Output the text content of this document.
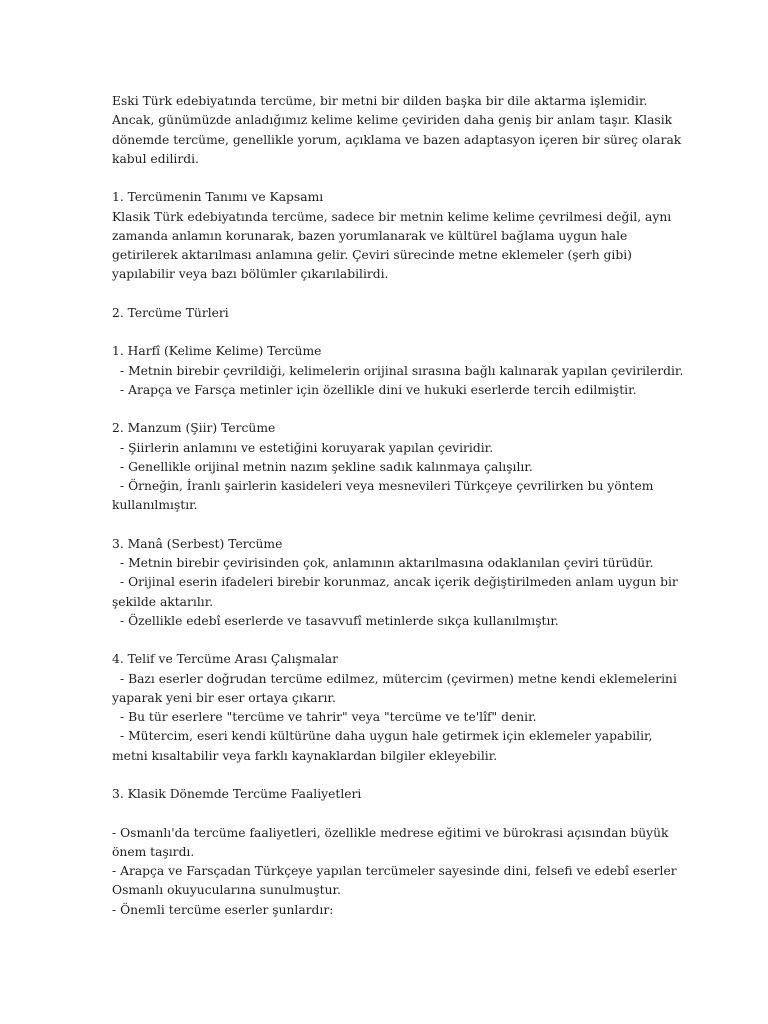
Eski Türk edebiyatında tercüme, bir metni bir dilden başka bir dile aktarma işlemidir.
Ancak, günümüzde anladığımız kelime kelime çeviriden daha geniş bir anlam taşır. Klasik
dönemde tercüme, genellikle yorum, açıklama ve bazen adaptasyon içeren bir süreç olarak
kabul edilirdi.
1. Tercümenin Tanımı ve Kapsamı
Klasik Türk edebiyatında tercüme, sadece bir metnin kelime kelime çevrilmesi değil, aynı
zamanda anlamın korunarak, bazen yorumlanarak ve kültürel bağlama uygun hale
getirilerek aktarılması anlamına gelir. Çeviri sürecinde metne eklemeler (şerh gibi)
yapılabilir veya bazı bölümler çıkarılabilirdi.
2. Tercüme Türleri
1. Harfî (Kelime Kelime) Tercüme
- Metnin birebir çevrildiği, kelimelerin orijinal sırasına bağlı kalınarak yapılan çevirilerdir.
- Arapça ve Farsça metinler için özellikle dini ve hukuki eserlerde tercih edilmiştir.
2. Manzum (Şiir) Tercüme
- Şiirlerin anlamını ve estetiğini koruyarak yapılan çeviridir.
- Genellikle orijinal metnin nazım şekline sadık kalınmaya çalışılır.
- Örneğin, İranlı şairlerin kasideleri veya mesnevileri Türkçeye çevrilirken bu yöntem
kullanılmıştır.
3. Manâ (Serbest) Tercüme
- Metnin birebir çevirisinden çok, anlamının aktarılmasına odaklanılan çeviri türüdür.
- Orijinal eserin ifadeleri birebir korunmaz, ancak içerik değiştirilmeden anlam uygun bir
şekilde aktarılır.
- Özellikle edebî eserlerde ve tasavvufî metinlerde sıkça kullanılmıştır.
4. Telif ve Tercüme Arası Çalışmalar
- Bazı eserler doğrudan tercüme edilmez, mütercim (çevirmen) metne kendi eklemelerini
yaparak yeni bir eser ortaya çıkarır.
- Bu tür eserlere "tercüme ve tahrir" veya "tercüme ve te'lîf" denir.
- Mütercim, eseri kendi kültürüne daha uygun hale getirmek için eklemeler yapabilir,
metni kısaltabilir veya farklı kaynaklardan bilgiler ekleyebilir.
3. Klasik Dönemde Tercüme Faaliyetleri
- Osmanlı'da tercüme faaliyetleri, özellikle medrese eğitimi ve bürokrasi açısından büyük
önem taşırdı.
- Arapça ve Farsçadan Türkçeye yapılan tercümeler sayesinde dini, felsefi ve edebî eserler
Osmanlı okuyucularına sunulmuştur.
- Önemli tercüme eserler şunlardır:
